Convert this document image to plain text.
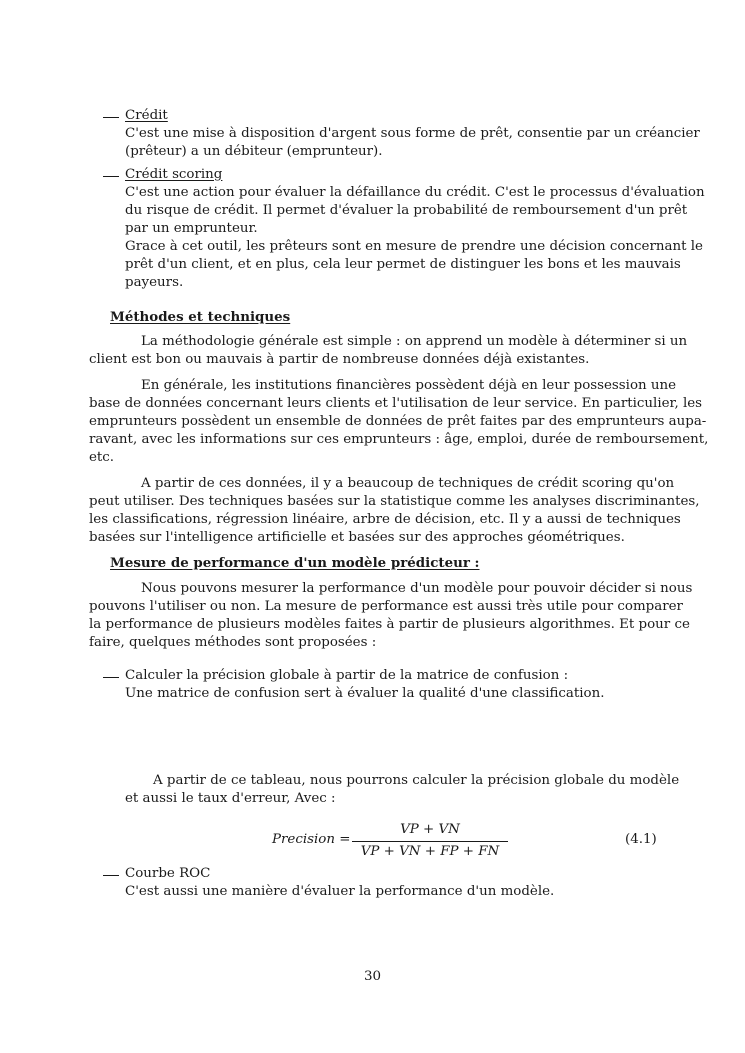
Crédit
C'est une mise à disposition d'argent sous forme de prêt, consentie par un créancier
(prêteur) a un débiteur (emprunteur).
Crédit scoring
C'est une action pour évaluer la défaillance du crédit. C'est le processus d'évaluation
du risque de crédit. Il permet d'évaluer la probabilité de remboursement d'un prêt
par un emprunteur.
Grace à cet outil, les prêteurs sont en mesure de prendre une décision concernant le
prêt d'un client, et en plus, cela leur permet de distinguer les bons et les mauvais
payeurs.
Méthodes et techniques
La méthodologie générale est simple : on apprend un modèle à déterminer si un
client est bon ou mauvais à partir de nombreuse données déjà existantes.
En générale, les institutions financières possèdent déjà en leur possession une
base de données concernant leurs clients et l'utilisation de leur service. En particulier, les
emprunteurs possèdent un ensemble de données de prêt faites par des emprunteurs aupa-
ravant, avec les informations sur ces emprunteurs : âge, emploi, durée de remboursement,
etc.
A partir de ces données, il y a beaucoup de techniques de crédit scoring qu'on
peut utiliser. Des techniques basées sur la statistique comme les analyses discriminantes,
les classifications, régression linéaire, arbre de décision, etc. Il y a aussi de techniques
basées sur l'intelligence artificielle et basées sur des approches géométriques.
Mesure de performance d'un modèle prédicteur :
Nous pouvons mesurer la performance d'un modèle pour pouvoir décider si nous
pouvons l'utiliser ou non. La mesure de performance est aussi très utile pour comparer
la performance de plusieurs modèles faites à partir de plusieurs algorithmes. Et pour ce
faire, quelques méthodes sont proposées :
Calculer la précision globale à partir de la matrice de confusion :
Une matrice de confusion sert à évaluer la qualité d'une classification.
A partir de ce tableau, nous pourrons calculer la précision globale du modèle
et aussi le taux d'erreur, Avec :
Precision =
VP + VN
VP + VN + FP + FN
(4.1)
Courbe ROC
C'est aussi une manière d'évaluer la performance d'un modèle.
30
